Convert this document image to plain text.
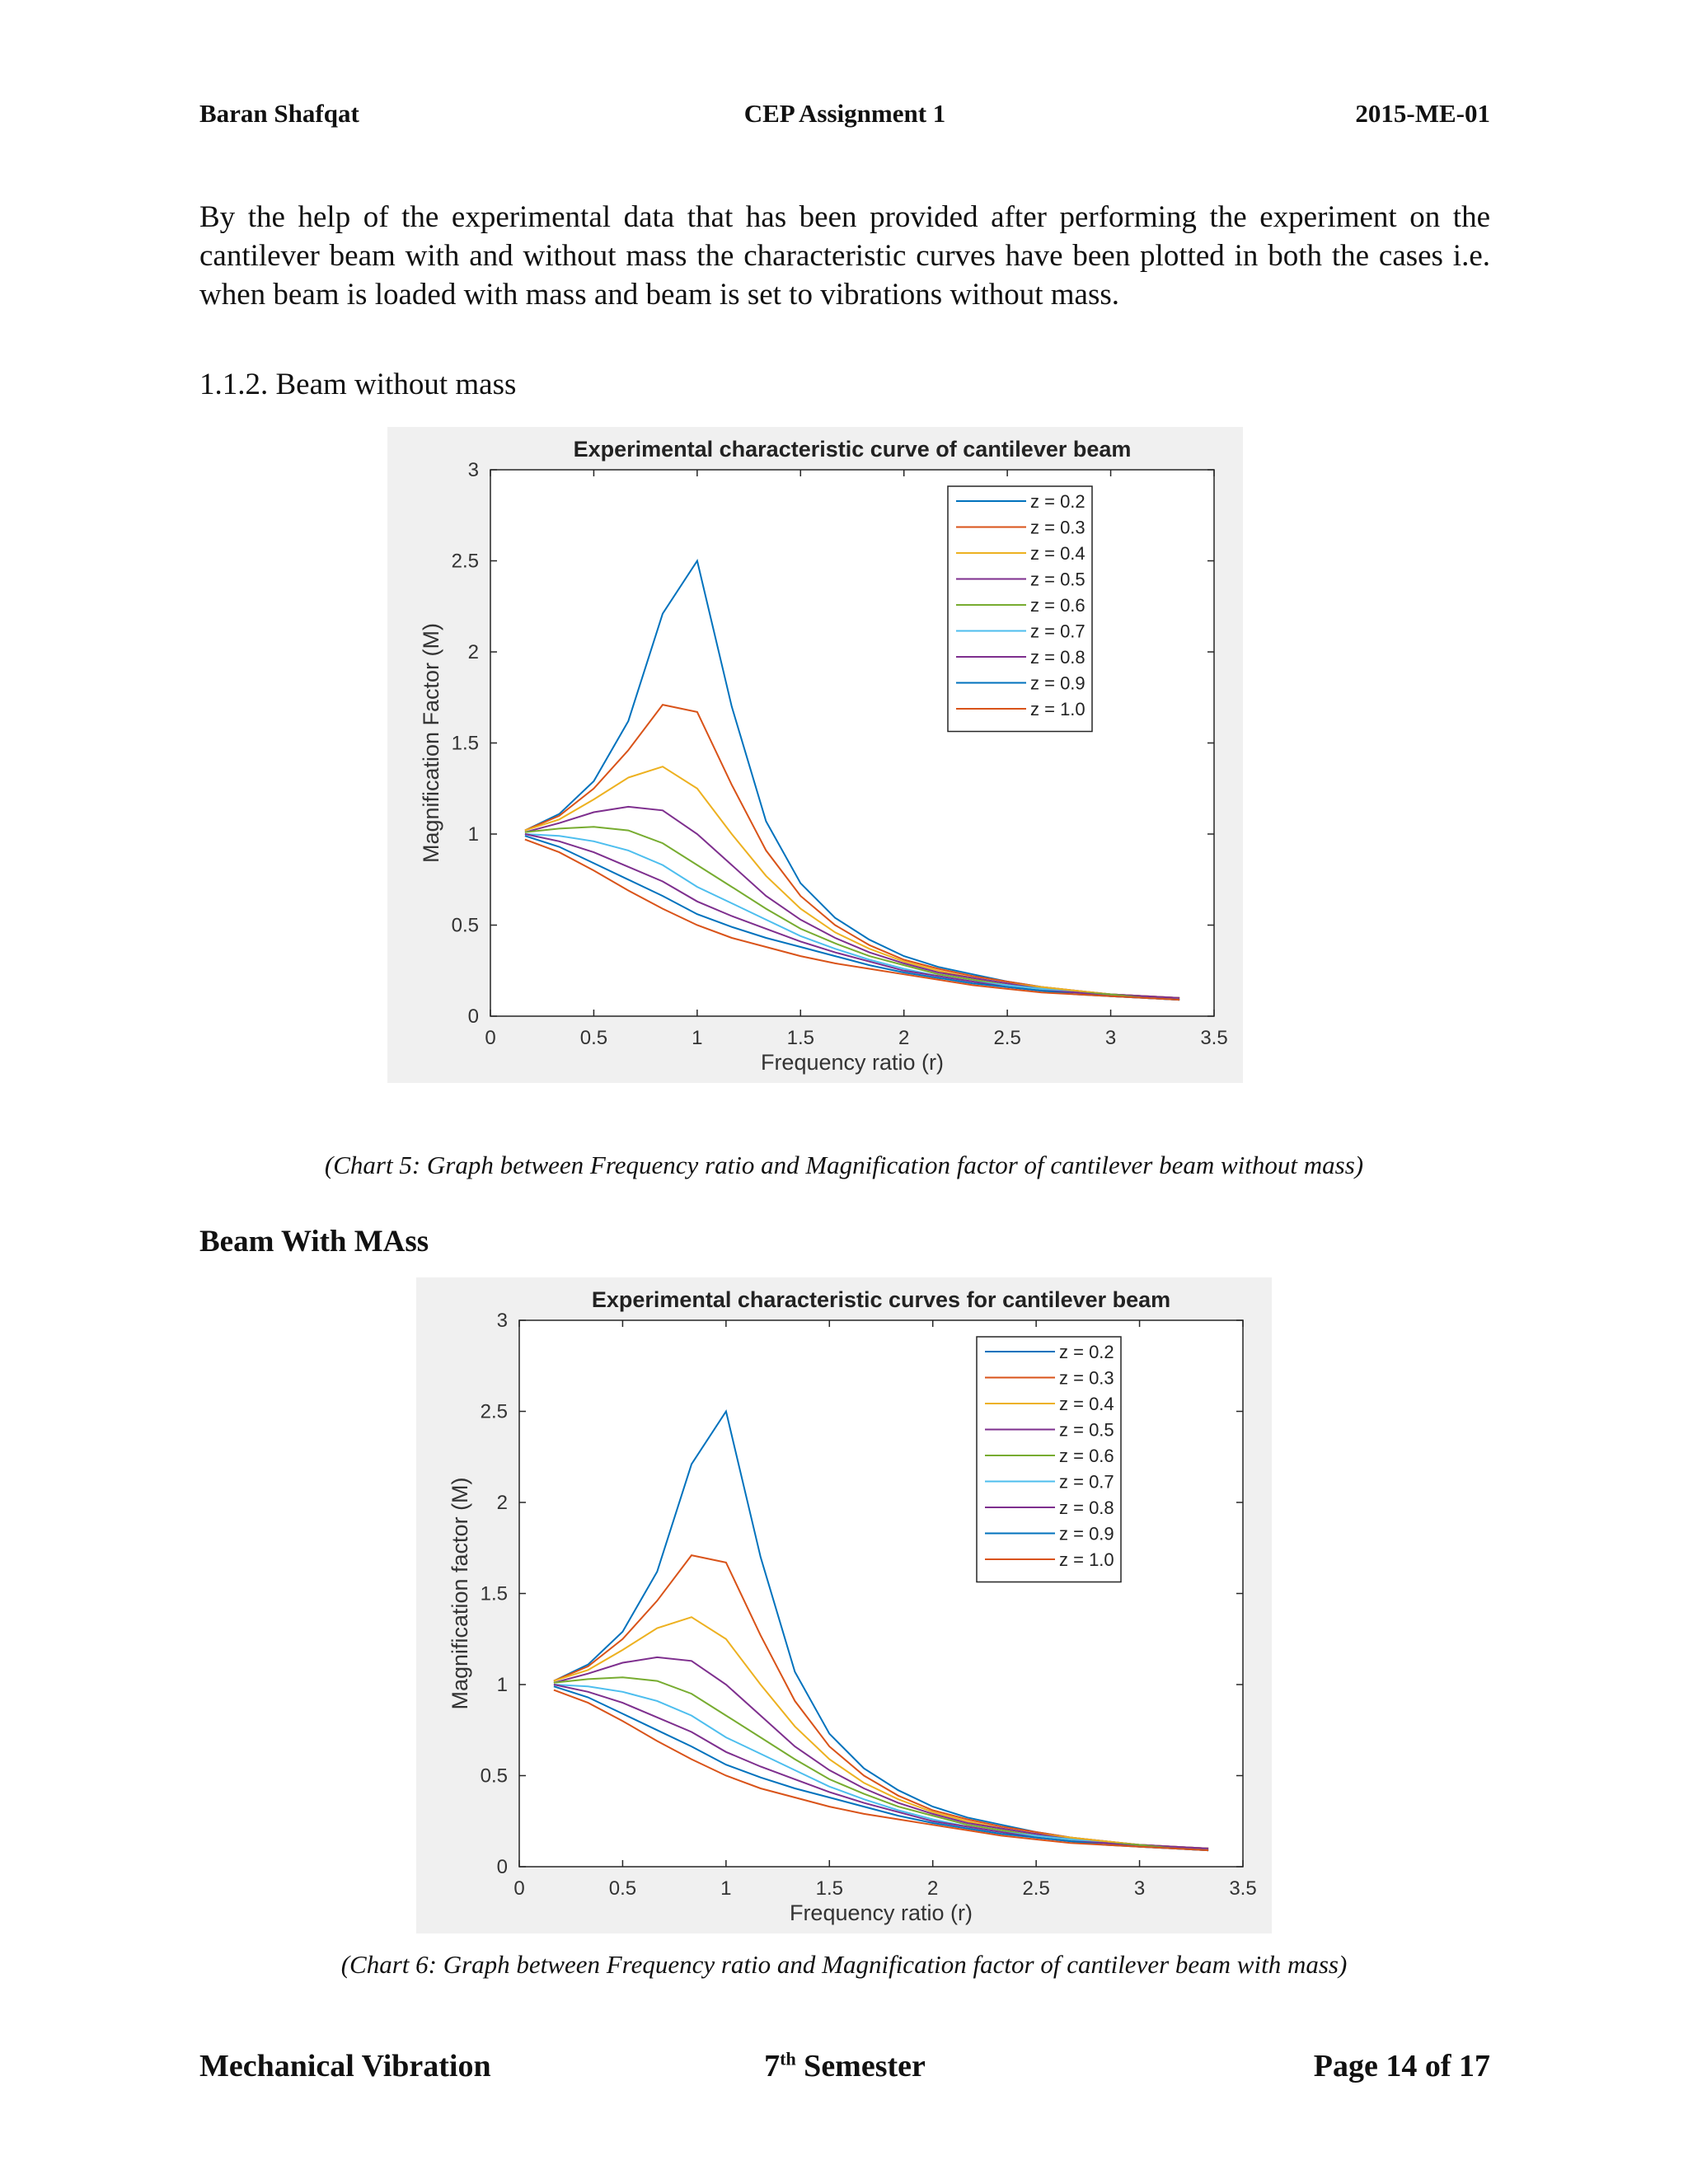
Baran Shafqat	CEP Assignment 1	2015-ME-01

By the help of the experimental data that has been provided after performing the experiment on the cantilever beam with and without mass the characteristic curves have been plotted in both the cases i.e. when beam is loaded with mass and beam is set to vibrations without mass.

1.1.2. Beam without mass
Experimental characteristic curve of cantilever beam
0	0.5	1	1.5	2	2.5	3	3.5
0
0.5
1
1.5
2
2.5
3
Frequency ratio (r)
Magnification Factor (M)
z = 0.2
z = 0.3
z = 0.4
z = 0.5
z = 0.6
z = 0.7
z = 0.8
z = 0.9
z = 1.0
(Chart 5: Graph between Frequency ratio and Magnification factor of cantilever beam without mass)
Beam With MAss
Experimental characteristic curves for cantilever beam
0	0.5	1	1.5	2	2.5	3	3.5
0
0.5
1
1.5
2
2.5
3
Frequency ratio (r)
Magnification factor (M)
z = 0.2
z = 0.3
z = 0.4
z = 0.5
z = 0.6
z = 0.7
z = 0.8
z = 0.9
z = 1.0
(Chart 6: Graph between Frequency ratio and Magnification factor of cantilever beam with mass)
Mechanical Vibration	7th Semester	Page 14 of 17
